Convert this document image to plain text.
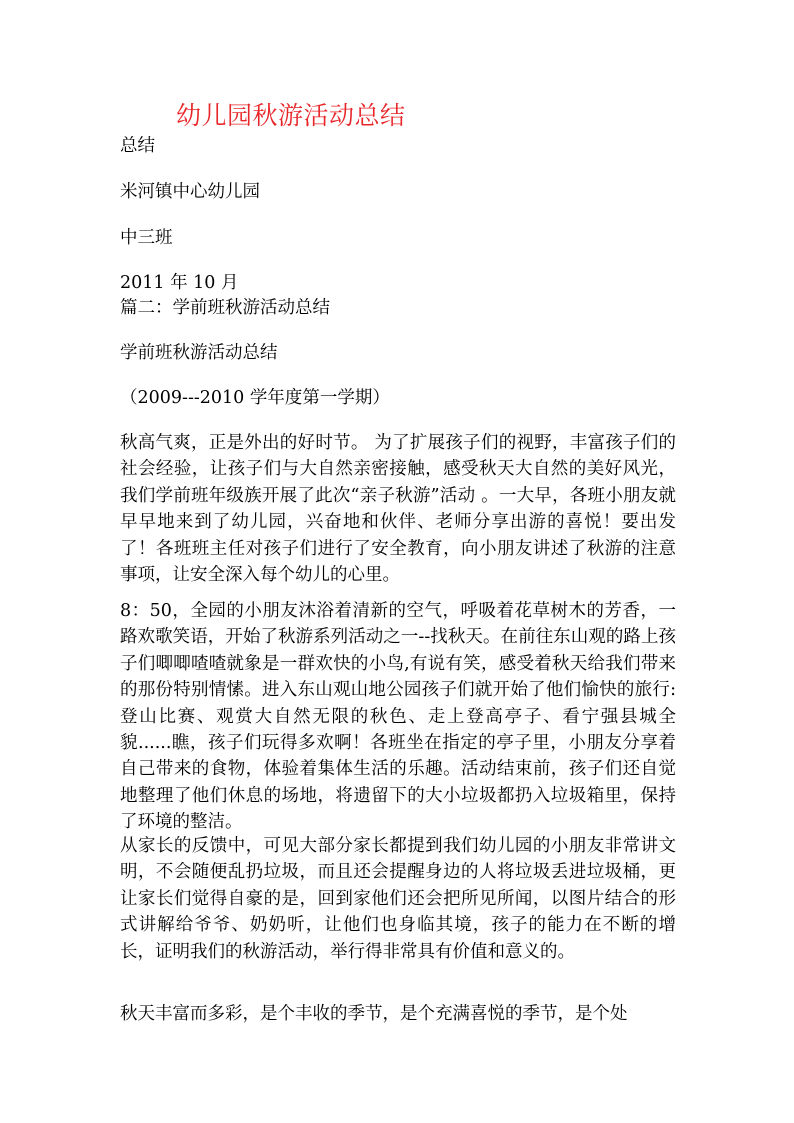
幼儿园秋游活动总结
总结
米河镇中心幼儿园
中三班
2011 年 10 月
篇二：学前班秋游活动总结
学前班秋游活动总结
（2009---2010 学年度第一学期）
秋高气爽，正是外出的好时节。 为了扩展孩子们的视野，丰富孩子们的社会经验，让孩子们与大自然亲密接触，感受秋天大自然的美好风光，我们学前班年级族开展了此次“亲子秋游”活动 。一大早，各班小朋友就早早地来到了幼儿园，兴奋地和伙伴、老师分享出游的喜悦！要出发了！各班班主任对孩子们进行了安全教育，向小朋友讲述了秋游的注意事项，让安全深入每个幼儿的心里。
8：50，全园的小朋友沐浴着清新的空气，呼吸着花草树木的芳香，一路欢歌笑语，开始了秋游系列活动之一--找秋天。在前往东山观的路上孩子们唧唧喳喳就象是一群欢快的小鸟,有说有笑，感受着秋天给我们带来的那份特别情愫。进入东山观山地公园孩子们就开始了他们愉快的旅行:登山比赛、观赏大自然无限的秋色、走上登高亭子、看宁强县城全貌......瞧，孩子们玩得多欢啊！各班坐在指定的亭子里，小朋友分享着自己带来的食物，体验着集体生活的乐趣。活动结束前，孩子们还自觉地整理了他们休息的场地，将遗留下的大小垃圾都扔入垃圾箱里，保持了环境的整洁。
从家长的反馈中，可见大部分家长都提到我们幼儿园的小朋友非常讲文明，不会随便乱扔垃圾，而且还会提醒身边的人将垃圾丢进垃圾桶，更让家长们觉得自豪的是，回到家他们还会把所见所闻，以图片结合的形式讲解给爷爷、奶奶听，让他们也身临其境，孩子的能力在不断的增长，证明我们的秋游活动，举行得非常具有价值和意义的。
秋天丰富而多彩，是个丰收的季节，是个充满喜悦的季节，是个处
